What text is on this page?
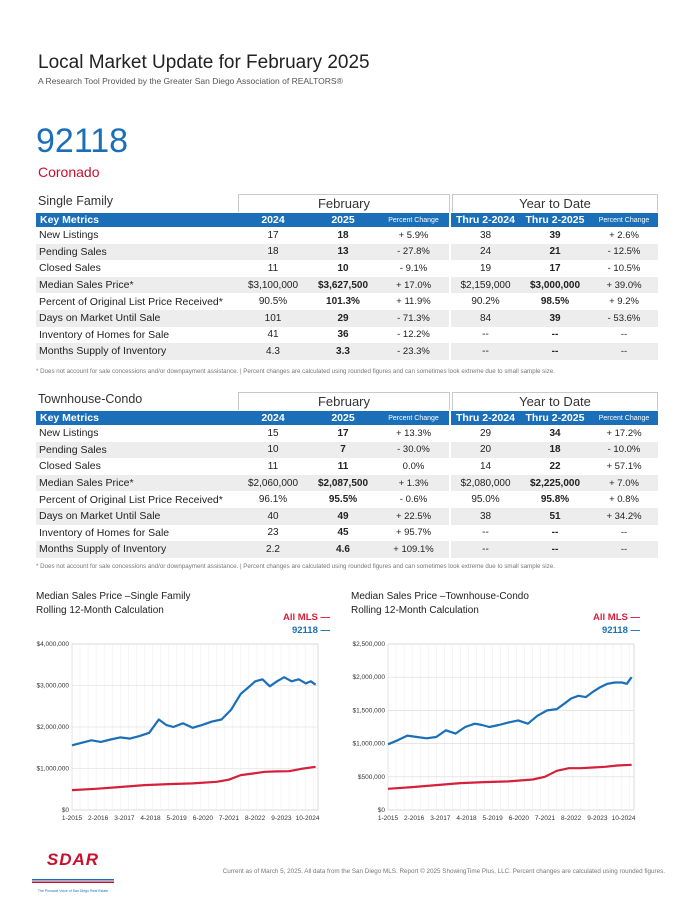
Local Market Update for February 2025
A Research Tool Provided by the Greater San Diego Association of REALTORS®
92118
Coronado
Single Family	February	Year to Date
Key Metrics	2024	2025	Percent Change	Thru 2-2024	Thru 2-2025	Percent Change
New Listings	17	18	+ 5.9%	38	39	+ 2.6%
Pending Sales	18	13	- 27.8%	24	21	- 12.5%
Closed Sales	11	10	- 9.1%	19	17	- 10.5%
Median Sales Price*	$3,100,000	$3,627,500	+ 17.0%	$2,159,000	$3,000,000	+ 39.0%
Percent of Original List Price Received*	90.5%	101.3%	+ 11.9%	90.2%	98.5%	+ 9.2%
Days on Market Until Sale	101	29	- 71.3%	84	39	- 53.6%
Inventory of Homes for Sale	41	36	- 12.2%	--	--	--
Months Supply of Inventory	4.3	3.3	- 23.3%	--	--	--
* Does not account for sale concessions and/or downpayment assistance. | Percent changes are calculated using rounded figures and can sometimes look extreme due to small sample size.
Townhouse-Condo	February	Year to Date
Key Metrics	2024	2025	Percent Change	Thru 2-2024	Thru 2-2025	Percent Change
New Listings	15	17	+ 13.3%	29	34	+ 17.2%
Pending Sales	10	7	- 30.0%	20	18	- 10.0%
Closed Sales	11	11	0.0%	14	22	+ 57.1%
Median Sales Price*	$2,060,000	$2,087,500	+ 1.3%	$2,080,000	$2,225,000	+ 7.0%
Percent of Original List Price Received*	96.1%	95.5%	- 0.6%	95.0%	95.8%	+ 0.8%
Days on Market Until Sale	40	49	+ 22.5%	38	51	+ 34.2%
Inventory of Homes for Sale	23	45	+ 95.7%	--	--	--
Months Supply of Inventory	2.2	4.6	+ 109.1%	--	--	--
* Does not account for sale concessions and/or downpayment assistance. | Percent changes are calculated using rounded figures and can sometimes look extreme due to small sample size.
Median Sales Price –Single Family
Rolling 12-Month Calculation
All MLS —
92118 —
$0
$1,000,000
$2,000,000
$3,000,000
$4,000,000
1-2015 2-2016 3-2017 4-2018 5-2019 6-2020 7-2021 8-2022 9-2023 10-2024
Median Sales Price –Townhouse-Condo
Rolling 12-Month Calculation
All MLS —
92118 —
$0
$500,000
$1,000,000
$1,500,000
$2,000,000
$2,500,000
1-2015 2-2016 3-2017 4-2018 5-2019 6-2020 7-2021 8-2022 9-2023 10-2024
SDAR
The Pinnacle Voice of San Diego Real Estate
Current as of March 5, 2025. All data from the San Diego MLS. Report © 2025 ShowingTime Plus, LLC. Percent changes are calculated using rounded figures.
